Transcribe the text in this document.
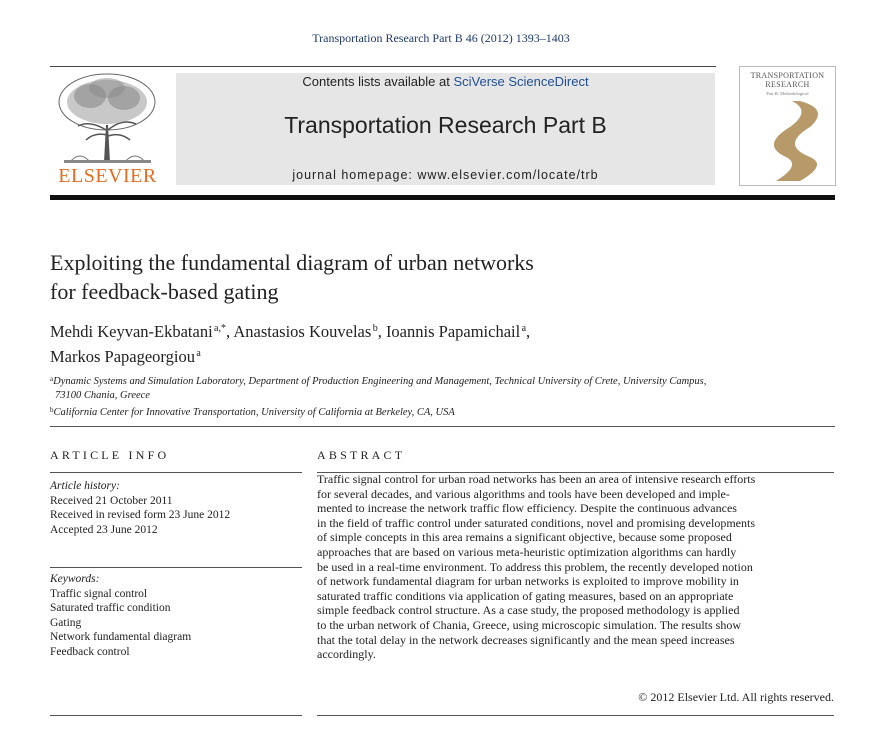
Transportation Research Part B 46 (2012) 1393–1403
ELSEVIER
Contents lists available at SciVerse ScienceDirect
Transportation Research Part B
journal homepage: www.elsevier.com/locate/trb
TRANSPORTATION
RESEARCH
Part B: Methodological
Exploiting the fundamental diagram of urban networks
for feedback-based gating
Mehdi Keyvan-Ekbatani $^{a,*}$, Anastasios Kouvelas $^b$, Ioannis Papamichail $^a$,
Markos Papageorgiou $^a$
$^a$Dynamic Systems and Simulation Laboratory, Department of Production Engineering and Management, Technical University of Crete, University Campus,
73100 Chania, Greece
$^b$California Center for Innovative Transportation, University of California at Berkeley, CA, USA
ARTICLE INFO
Article history:
Received 21 October 2011
Received in revised form 23 June 2012
Accepted 23 June 2012
Keywords:
Traffic signal control
Saturated traffic condition
Gating
Network fundamental diagram
Feedback control
ABSTRACT
Traffic signal control for urban road networks has been an area of intensive research efforts
for several decades, and various algorithms and tools have been developed and imple-
mented to increase the network traffic flow efficiency. Despite the continuous advances
in the field of traffic control under saturated conditions, novel and promising developments
of simple concepts in this area remains a significant objective, because some proposed
approaches that are based on various meta-heuristic optimization algorithms can hardly
be used in a real-time environment. To address this problem, the recently developed notion
of network fundamental diagram for urban networks is exploited to improve mobility in
saturated traffic conditions via application of gating measures, based on an appropriate
simple feedback control structure. As a case study, the proposed methodology is applied
to the urban network of Chania, Greece, using microscopic simulation. The results show
that the total delay in the network decreases significantly and the mean speed increases
accordingly.
© 2012 Elsevier Ltd. All rights reserved.
